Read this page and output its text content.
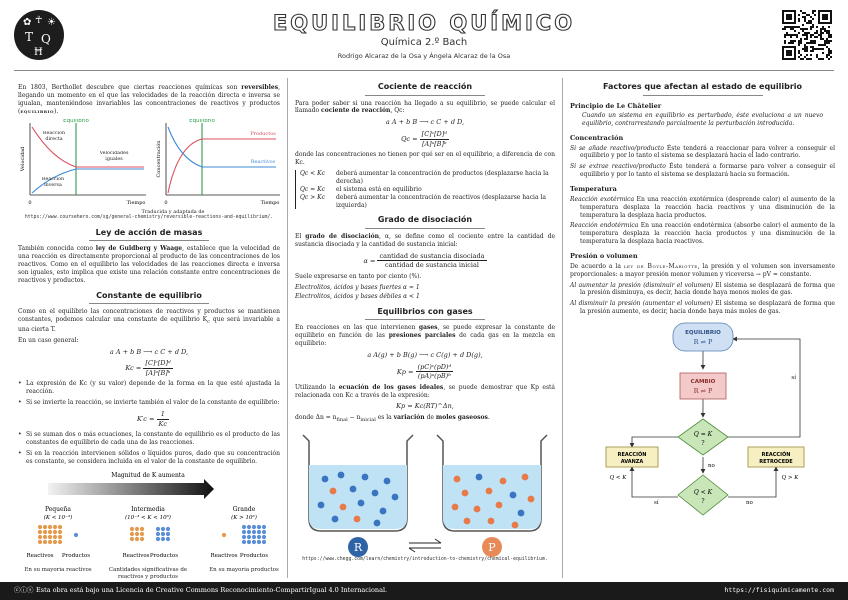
✿ ☥ ☀
T Q
Ħ
EQUILIBRIO QUÍMICO
Química 2.º Bach
Rodrigo Alcaraz de la Osa y Ángela Alcaraz de la Osa

En 1803, Berthollet descubre que ciertas reacciones químicas son reversibles, llegando un momento en el que las velocidades de la reacción directa e inversa se igualan, manteniéndose invariables las concentraciones de reactivos y productos (equilibrio).

Equilibrio
Velocidad
Tiempo
0
Reacción directa
Reacción inversa
Velocidades iguales
Equilibrio
Concentración
Tiempo
0
Productos
Reactivos
Traducida y adaptada de
https://www.coursehero.com/sg/general-chemistry/reversible-reactions-and-equilibrium/.
Ley de acción de masas

También conocida como ley de Guldberg y Waage, establece que la velocidad de una reacción es directamente proporcional al producto de las concentraciones de los reactivos. Como en el equilibrio las velocidades de las reacciones directa e inversa son iguales, esto implica que existe una relación constante entre concentraciones de reactivos y productos.

Constante de equilibrio

Como en el equilibrio las concentraciones de reactivos y productos se mantienen constantes, podemos calcular una constante de equilibrio $K_c$ que será invariable a una cierta T.

En un caso general:

a A + b B ⟶ c C + d D,
$Kc = \frac{\text{[C]ᶜ[D]ᵈ}}{\text{[A]ᵃ[B]ᵇ}}$
• La expresión de Kc (y su valor) depende de la forma en la que esté ajustada la reacción.
• Si se invierte la reacción, se invierte también el valor de la constante de equilibrio:
$K'c = \frac{1}{Kc}$
• Si se suman dos o más ecuaciones, la constante de equilibrio es el producto de las constantes de equilibrio de cada una de las reacciones.
• Si en la reacción intervienen sólidos o líquidos puros, dado que su concentración es constante, se considera incluida en el valor de la constante de equilibrio.
Magnitud de K aumenta
Pequeña
(K < 10⁻³)
En su mayoría reactivos
Intermedia
(10⁻³ < K < 10³)
Cantidades significativas de reactivos y productos
Grande
(K > 10³)
En su mayoría productos
Reactivos Productos	Reactivos Productos	Reactivos Productos
Cociente de reacción

Para poder saber si una reacción ha llegado a su equilibrio, se puede calcular el llamado cociente de reacción, Qc:

a A + b B ⟶ c C + d D,
$Qc = \frac{\text{[C]ᶜ[D]ᵈ}}{\text{[A]ᵃ[B]ᵇ}}$

donde las concentraciones no tienen por qué ser en el equilibrio, a diferencia de con Kc.

Qc < Kc	deberá aumentar la concentración de productos (desplazarse hacia la derecha)
Qc = Kc	el sistema está en equilibrio
Qc > Kc	deberá aumentar la concentración de reactivos (desplazarse hacia la izquierda)
Grado de disociación

El grado de disociación, α, se define como el cociente entre la cantidad de sustancia disociada y la cantidad de sustancia inicial:

$\alpha = \frac{\text{cantidad de sustancia disociada}}{\text{cantidad de sustancia inicial}}$

Suele expresarse en tanto por ciento (%).

Electrolitos, ácidos y bases fuertes α ≈ 1

Electrolitos, ácidos y bases débiles α < 1

Equilibrios con gases

En reacciones en las que intervienen gases, se puede expresar la constante de equilibrio en función de las presiones parciales de cada gas en la mezcla en equilibrio:

a A(g) + b B(g) ⟶ c C(g) + d D(g),
$Kp = \frac{\text{(pC)ᶜ(pD)ᵈ}}{\text{(pA)ᵃ(pB)ᵇ}}$

Utilizando la ecuación de los gases ideales, se puede demostrar que Kp está relacionada con Kc a través de la expresión:

Kp = Kc(RT)^Δn,

donde $\Delta n = n_{final} - n_{inicial}$ es la variación de moles gaseosos.

R	P
https://www.chegg.com/learn/chemistry/introduction-to-chemistry/chemical-equilibrium.
Factores que afectan al estado de equilibrio
Principio de Le Châtelier

Cuando un sistema en equilibrio es perturbado, éste evoluciona a un nuevo equilibrio, contrarrestando parcialmente la perturbación introducida.

Concentración

Si se añade reactivo/producto Éste tenderá a reaccionar para volver a conseguir el equilibrio y por lo tanto el sistema se desplazará hacia el lado contrario.

Si se extrae reactivo/producto Éste tenderá a formarse para volver a conseguir el equilibrio y por lo tanto el sistema se desplazará hacia su formación.

Temperatura

Reacción exotérmica En una reacción exotérmica (desprende calor) el aumento de la temperatura desplaza la reacción hacia reactivos y una disminución de la temperatura la desplaza hacia productos.

Reacción endotérmica En una reacción endotérmica (absorbe calor) el aumento de la temperatura desplaza la reacción hacia productos y una disminución de la temperatura la desplaza hacia reactivos.

Presión o volumen

De acuerdo a la ley de Boyle-Mariotte, la presión y el volumen son inversamente proporcionales: a mayor presión menor volumen y viceversa → pV = constante.

Al aumentar la presión (disminuir el volumen) El sistema se desplazará de forma que la presión disminuya, es decir, hacia donde haya menos moles de gas.

Al disminuir la presión (aumentar el volumen) El sistema se desplazará de forma que la presión aumente, es decir, hacia donde haya más moles de gas.

EQUILIBRIO
R ⇌ P
CAMBIO
R ⇌ P
Q = K
?
sí
no
REACCIÓN
AVANZA
REACCIÓN
RETROCEDE
Q < K
?
sí	no
Q < K	Q > K
ⓒⓘⓢ Esta obra está bajo una Licencia de Creative Commons Reconocimiento-CompartirIgual 4.0 Internacional.	https://fisiquimicamente.com
